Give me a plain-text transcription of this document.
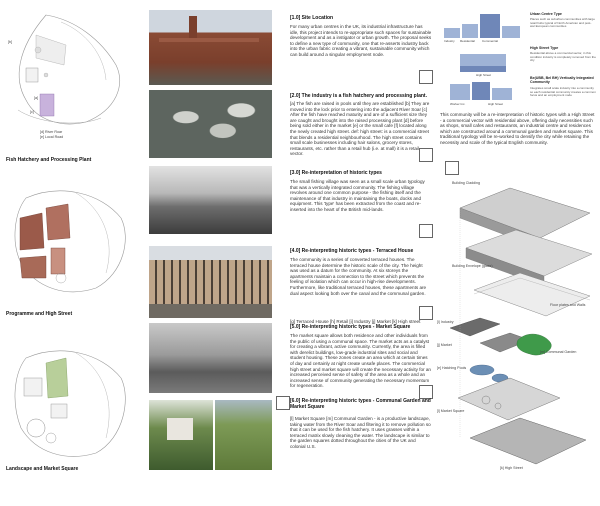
[b]
[a]
[c]
[d] River Roar
[e] Local Road
Fish Hatchery and Processing Plant
Programme and High Street
Landscape and Market Square
[1.0] Site Location
For many urban centres in the UK, its industrial infrastructure has idle, this project intends to re-appropriate such spaces for sustainable development and as a instigator or urban growth. The proposal seeks to define a new type of community, one that re-asserts industry back into the urban fabric creating a vibrant, sustainable community which can build around a singular employment node.
[2.0] The industry is a fish hatchery and processing plant.
[a] The fish are raised in pools until they are established [b] They are moved into the lock prior to entering into the adjacent River Soar [c] After the fish have reached maturity and are of a sufficient size they are caught and brought into the raised processing plant [d] before being sold either in the market [e] or the small cafe [f] located along the newly created high street. def: high street: is a commercial street that blends a residential neighbourhood. The high street contains small scale businesses including hair salons, grocery stores, restaurants, etc. rather than a retail hub (i.e. at mall) it is a retail vector.
[3.0] Re-interpretation of historic types
The small fishing village was seen as a small scale urban typology that was a vertically integrated community. The fishing village revolves around one common purpose - the fishing itself and the maintenance of that industry in maintaining the boats, docks and equipment. This 'type' has been extracted from the coast and re-inserted into the heart of the British mid-lands.
[4.0] Re-interpreting historic types - Terraced House
The community is a series of converted terraced houses. The terraced house determine the historic scale of the city. The height was used as a datum for the community. At six storeys the apartments maintain a connection to the street which prevents the feeling of isolation which can occur in high-rise developments. Furthermore, like traditional terraced houses, these apartments are dual aspect looking both over the canal and the communal garden.
[g] Terraced House [h] Retail [i] Industry [j] Market [k] High street
[5.0] Re-interpreting historic types - Market Square
The market square allows both residence and other individuals from the public of using a communal space. The market acts as a catalyst for creating a vibrant, active community. Currently, the area is filled with derelict buildings, low-grade industrial sites and social and student housing. These zones create an area which at certain times of day and certainly at night create unsafe places. The commercial high street and market square will create the necessary activity for an increased perceived sense of safety of the area as a whole and an increased sense of community generating the necessary momentum for regeneration.
[6.0] Re-interpreting historic types - Communal Garden and Market Square
[l] Market Square [m] Communal Garden - is a productive landscape, taking water from the River Soar and filtering it to remove pollution so that it can be used for the fish hatchery. It uses grasses within a terraced matrix slowly cleaning the water. The landscape is similar to the garden squares dotted throughout the cities of the UK and colonial U.S.
Industry Residential Commercial
High Street
Worker Inc.	High Street
Urban Centre Type
Places such as suburban communities with large retail hubs typical of North American and post-war European communities
High Street Type
Residential above a commercial sector, in this condition industry is completely removed from the city
Be(UBB, Bel BH) Vertically Integrated Community
Integrates small scale industry into a community so each residential community creates a common focus and an employment node
This community will be a re-interpretation of historic types with a High Street - a commercial vector with residential above, offering daily necessities such as shops, small cafes and restaurants, an industrial centre and residences which are constructed around a communal garden and market square. This traditional typology will be re-worked to densify the city while retaining the necessity and scale of the typical English community.
Building Cladding
Building Envelope (glass)
Floor plates and Walls
[i] Industry
[j] Market
[m] Communal Garden
[e] Hatching Pools
[l] Market Square
[k] High Street
